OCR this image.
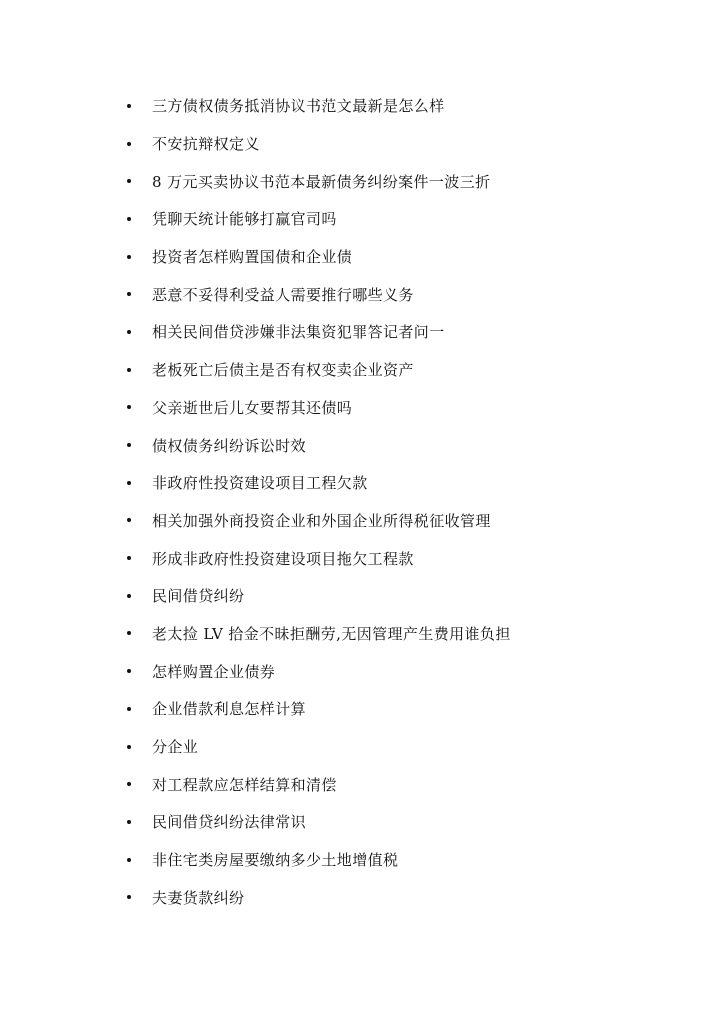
三方债权债务抵消协议书范文最新是怎么样
不安抗辩权定义
8 万元买卖协议书范本最新债务纠纷案件一波三折
凭聊天统计能够打赢官司吗
投资者怎样购置国债和企业债
恶意不妥得利受益人需要推行哪些义务
相关民间借贷涉嫌非法集资犯罪答记者问一
老板死亡后债主是否有权变卖企业资产
父亲逝世后儿女要帮其还债吗
债权债务纠纷诉讼时效
非政府性投资建设项目工程欠款
相关加强外商投资企业和外国企业所得税征收管理
形成非政府性投资建设项目拖欠工程款
民间借贷纠纷
老太捡 LV 拾金不昧拒酬劳,无因管理产生费用谁负担
怎样购置企业债券
企业借款利息怎样计算
分企业
对工程款应怎样结算和清偿
民间借贷纠纷法律常识
非住宅类房屋要缴纳多少土地增值税
夫妻货款纠纷
